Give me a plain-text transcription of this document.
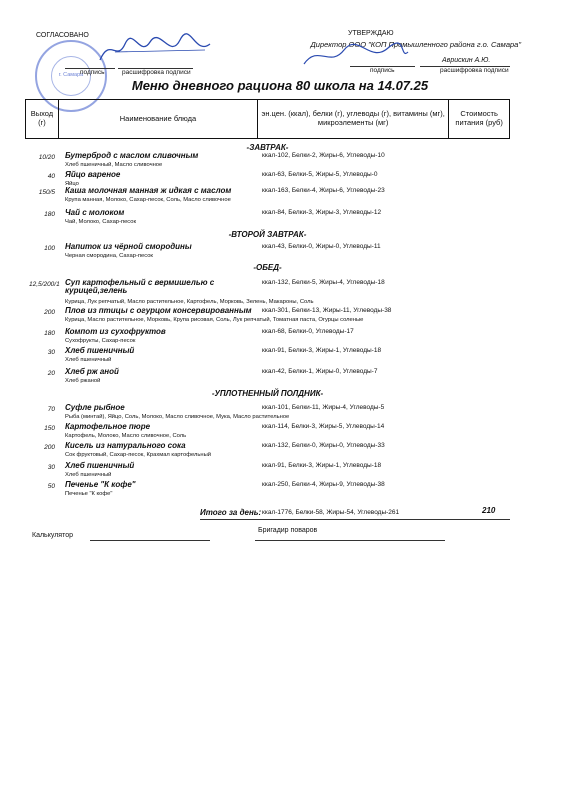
СОГЛАСОВАНО
г. Самара
подпись	расшифровка подписи
УТВЕРЖДАЮ
Директор ООО "КОП Промышленного района г.о. Самара"
Аврискин А.Ю.
подпись	расшифровка подписи
Меню дневного рациона 80 школа на 14.07.25
Выход (г)	Наименование блюда	эн.цен. (ккал), белки (г), углеводы (г), витамины (мг), микроэлементы (мг)
Стоимость питания (руб)
-ЗАВТРАК-
10/20 Бутерброд с маслом сливочным
Хлеб пшеничный, Масло сливочное
ккал-102, Белки-2, Жиры-6, Углеводы-10
40 Яйцо вареное
Яйцо
ккал-63, Белки-5, Жиры-5, Углеводы-0
150/5 Каша молочная манная ж идкая с маслом
Крупа манная, Молоко, Сахар-песок, Соль, Масло сливочное
ккал-163, Белки-4, Жиры-6, Углеводы-23
180 Чай с молоком
Чай, Молоко, Сахар-песок
ккал-84, Белки-3, Жиры-3, Углеводы-12
-ВТОРОЙ ЗАВТРАК-
100 Напиток из чёрной смородины
Черная смородина, Сахар-песок
ккал-43, Белки-0, Жиры-0, Углеводы-11
-ОБЕД-
12,5/200/1 Суп картофельный с вермишелью с курицей,зелень
Курица, Лук репчатый, Масло растительное, Картофель, Морковь, Зелень, Макароны, Соль
ккал-132, Белки-5, Жиры-4, Углеводы-18
200 Плов из птицы с огурцом консервированным
Курица, Масло растительное, Морковь, Крупа рисовая, Соль, Лук репчатый, Томатная паста, Огурцы соленые
ккал-301, Белки-13, Жиры-11, Углеводы-38
180 Компот из сухофруктов
Сухофрукты, Сахар-песок
ккал-68, Белки-0, Углеводы-17
30 Хлеб пшеничный
Хлеб пшеничный
ккал-91, Белки-3, Жиры-1, Углеводы-18
20 Хлеб рж аной
Хлеб ржаной
ккал-42, Белки-1, Жиры-0, Углеводы-7
-УПЛОТНЕННЫЙ ПОЛДНИК-
70 Суфле рыбное
Рыба (минтай), Яйцо, Соль, Молоко, Масло сливочное, Мука, Масло растительное
ккал-101, Белки-11, Жиры-4, Углеводы-5
150 Картофельное пюре
Картофель, Молоко, Масло сливочное, Соль
ккал-114, Белки-3, Жиры-5, Углеводы-14
200 Кисель из натурального сока
Сок фруктовый, Сахар-песок, Крахмал картофельный
ккал-132, Белки-0, Жиры-0, Углеводы-33
30 Хлеб пшеничный
Хлеб пшеничный
ккал-91, Белки-3, Жиры-1, Углеводы-18
50 Печенье "К кофе"
Печенье "К кофе"
ккал-250, Белки-4, Жиры-9, Углеводы-38
Итого за день: ккал-1776, Белки-58, Жиры-54, Углеводы-261	210
Калькулятор
Бригадир поваров
